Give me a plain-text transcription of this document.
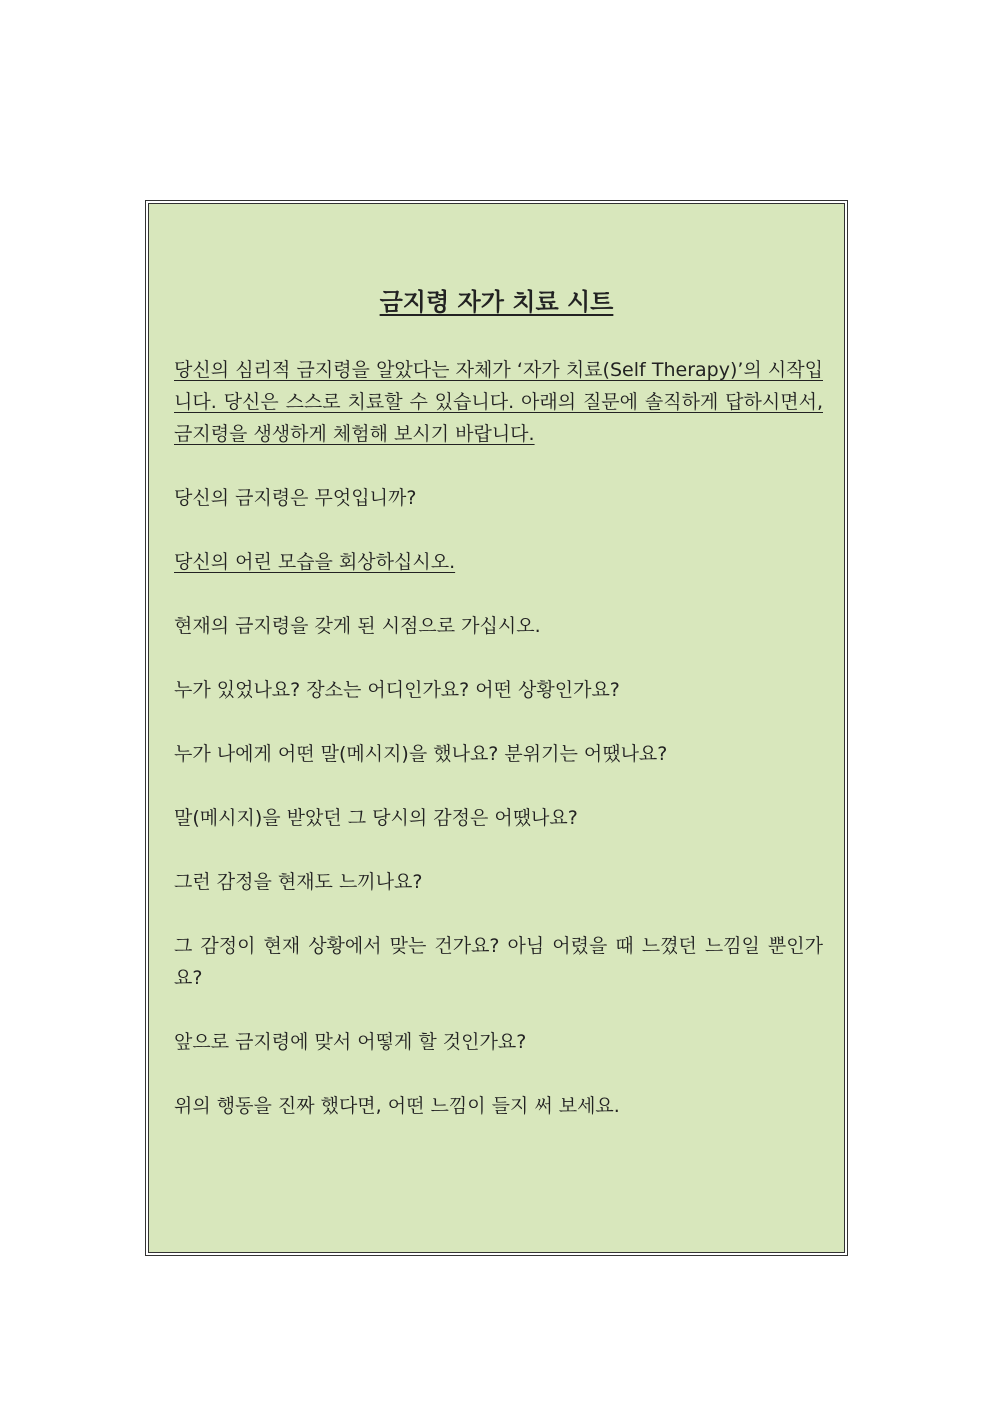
금지령 자가 치료 시트

당신의 심리적 금지령을 알았다는 자체가 ‘자가 치료(Self Therapy)’의 시작입니다. 당신은 스스로 치료할 수 있습니다. 아래의 질문에 솔직하게 답하시면서, 금지령을 생생하게 체험해 보시기 바랍니다.

당신의 금지령은 무엇입니까?

당신의 어린 모습을 회상하십시오.

현재의 금지령을 갖게 된 시점으로 가십시오.

누가 있었나요? 장소는 어디인가요? 어떤 상황인가요?

누가 나에게 어떤 말(메시지)을 했나요? 분위기는 어땠나요?

말(메시지)을 받았던 그 당시의 감정은 어땠나요?

그런 감정을 현재도 느끼나요?

그 감정이 현재 상황에서 맞는 건가요? 아님 어렸을 때 느꼈던 느낌일 뿐인가요?

앞으로 금지령에 맞서 어떻게 할 것인가요?

위의 행동을 진짜 했다면, 어떤 느낌이 들지 써 보세요.
